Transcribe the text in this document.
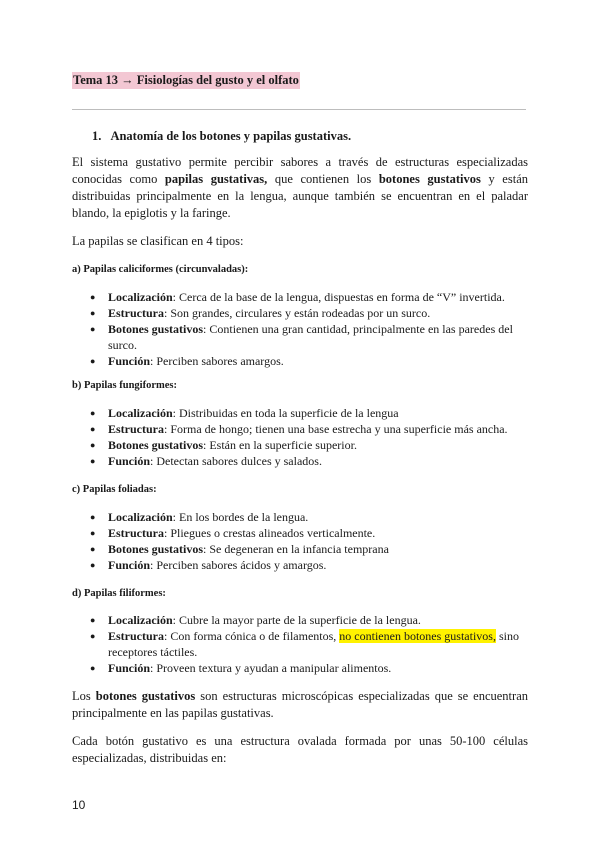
Tema 13 → Fisiologías del gusto y el olfato
1. Anatomía de los botones y papilas gustativas.

El sistema gustativo permite percibir sabores a través de estructuras especializadas conocidas como papilas gustativas, que contienen los botones gustativos y están distribuidas principalmente en la lengua, aunque también se encuentran en el paladar blando, la epiglotis y la faringe.

La papilas se clasifican en 4 tipos:

a) Papilas caliciformes (circunvaladas):
● Localización: Cerca de la base de la lengua, dispuestas en forma de “V” invertida.
● Estructura: Son grandes, circulares y están rodeadas por un surco.
● Botones gustativos: Contienen una gran cantidad, principalmente en las paredes del surco.
● Función: Perciben sabores amargos.
b) Papilas fungiformes:
● Localización: Distribuidas en toda la superficie de la lengua
● Estructura: Forma de hongo; tienen una base estrecha y una superficie más ancha.
● Botones gustativos: Están en la superficie superior.
● Función: Detectan sabores dulces y salados.
c) Papilas foliadas:
● Localización: En los bordes de la lengua.
● Estructura: Pliegues o crestas alineados verticalmente.
● Botones gustativos: Se degeneran en la infancia temprana
● Función: Perciben sabores ácidos y amargos.
d) Papilas filiformes:
● Localización: Cubre la mayor parte de la superficie de la lengua.
● Estructura: Con forma cónica o de filamentos, no contienen botones gustativos, sino receptores táctiles.
● Función: Proveen textura y ayudan a manipular alimentos.

Los botones gustativos son estructuras microscópicas especializadas que se encuentran principalmente en las papilas gustativas.

Cada botón gustativo es una estructura ovalada formada por unas 50-100 células especializadas, distribuidas en:

10
